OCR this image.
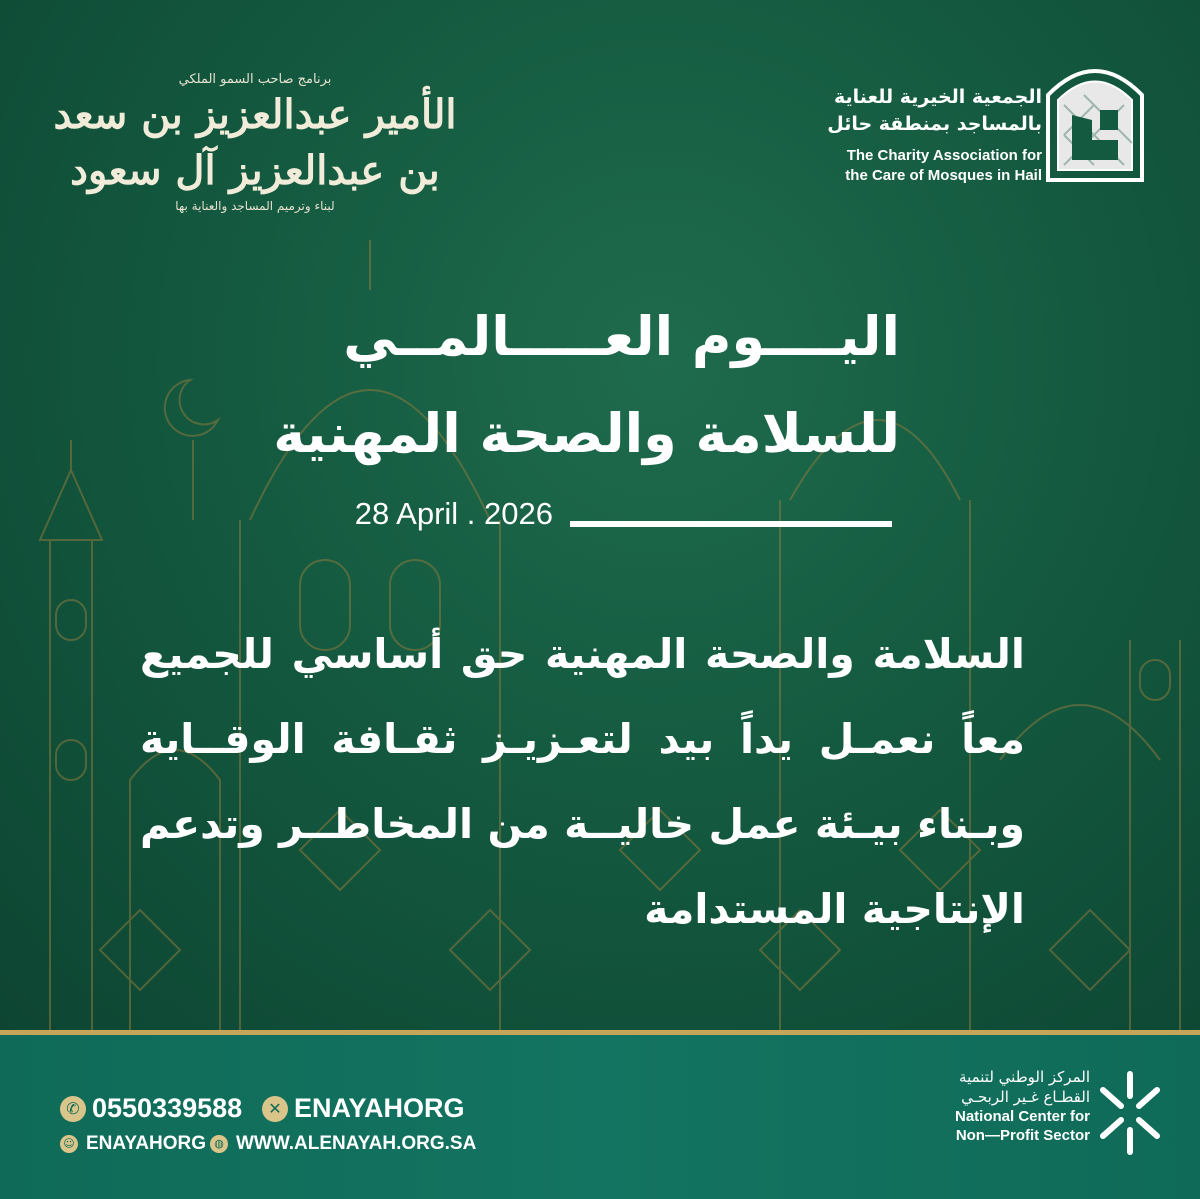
برنامج صاحب السمو الملكي
الأمير عبدالعزيز بن سعد بن عبدالعزيز آل سعود
لبناء وترميم المساجد والعناية بها
الجمعية الخيرية للعناية
بالمساجد بمنطقة حائل
The Charity Association for
the Care of Mosques in Hail
اليــــوم العـــــالمــي
للسلامة والصحة المهنية
28 April . 2026
السلامة والصحة المهنية حق أساسي للجميع
معاً نعمـل يداً بيد لتعـزيـز ثقـافة الوقــاية
وبـناء بيـئة عمل خاليــة من المخاطــر وتدعم
الإنتاجية المستدامة
✆ 0550339588	✕ ENAYAHORG
☺ ENAYAHORG ◍ WWW.ALENAYAH.ORG.SA
المركز الوطني لتنمية
القطـاع غـير الربحـي
National Center for
Non—Profit Sector
